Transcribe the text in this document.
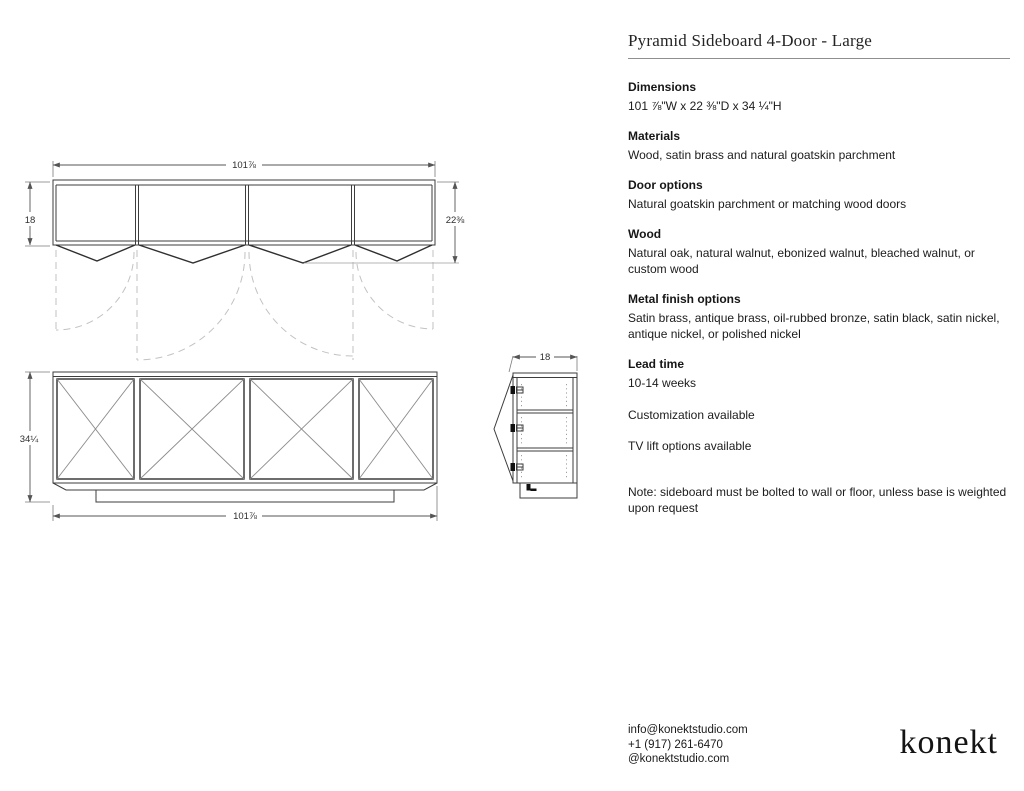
101⅞
18	22⅜
34¼
101⅞
18
Pyramid Sideboard 4-Door - Large
Dimensions
101 ⅞"W x 22 ⅜"D x 34 ¼"H
Materials
Wood, satin brass and natural goatskin parchment
Door options
Natural goatskin parchment or matching wood doors
Wood
Natural oak, natural walnut, ebonized walnut, bleached walnut, or custom wood
Metal finish options
Satin brass, antique brass, oil-rubbed bronze, satin black, satin nickel, antique nickel, or polished nickel
Lead time
10-14 weeks
Customization available
TV lift options available
Note: sideboard must be bolted to wall or floor, unless base is weighted upon request
info@konektstudio.com
+1 (917) 261-6470
@konektstudio.com	konekt
